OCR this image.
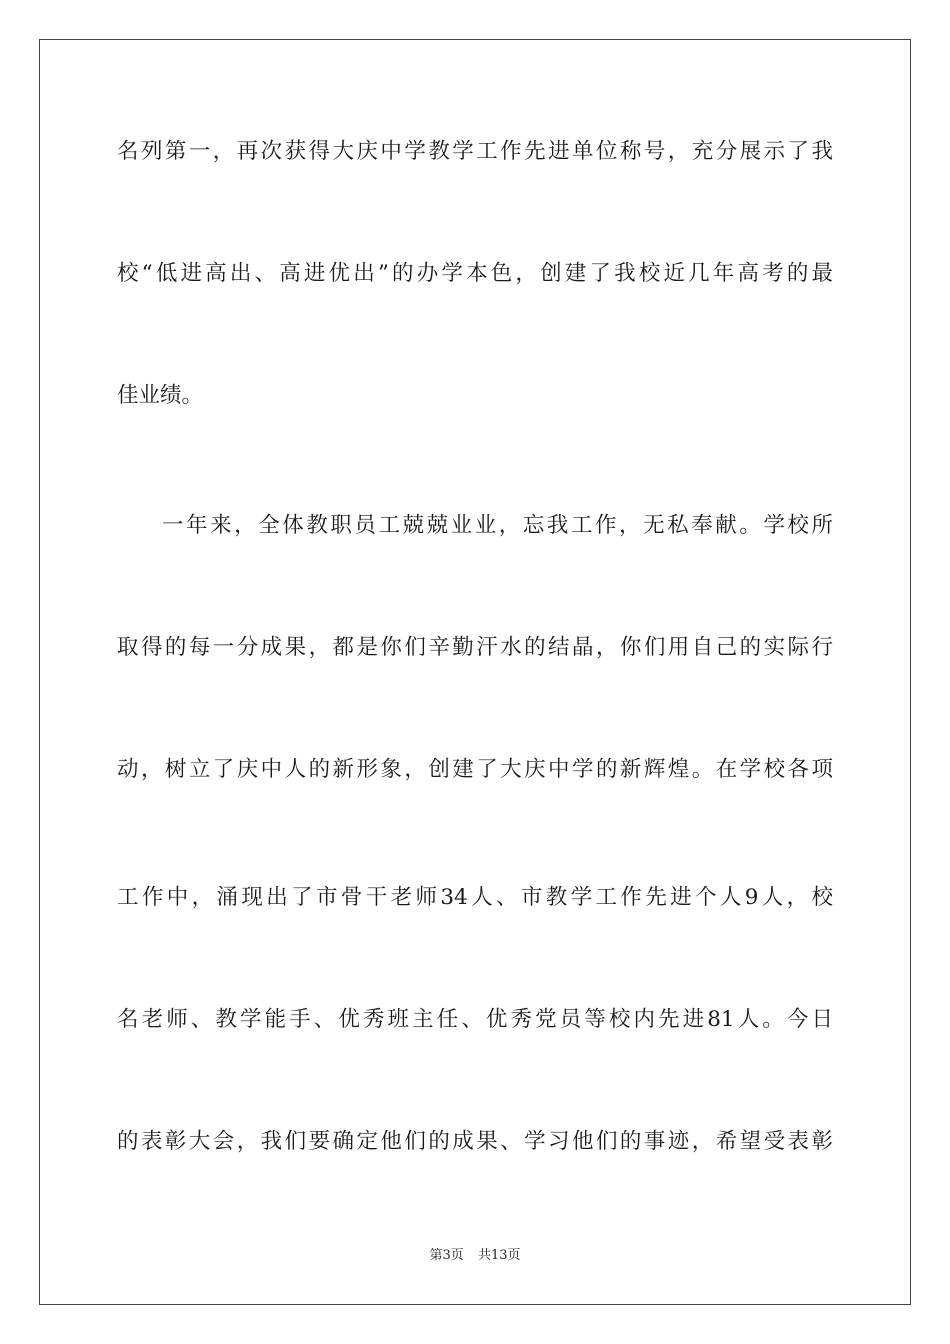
名列第一，再次获得大庆中学教学工作先进单位称号，充分展示了我
校“低进高出、高进优出”的办学本色，创建了我校近几年高考的最
佳业绩。
一年来，全体教职员工兢兢业业，忘我工作，无私奉献。学校所
取得的每一分成果，都是你们辛勤汗水的结晶，你们用自己的实际行
动，树立了庆中人的新形象，创建了大庆中学的新辉煌。在学校各项
工作中，涌现出了市骨干老师34人、市教学工作先进个人9人，校
名老师、教学能手、优秀班主任、优秀党员等校内先进81人。今日
的表彰大会，我们要确定他们的成果、学习他们的事迹，希望受表彰
第3页 共13页
